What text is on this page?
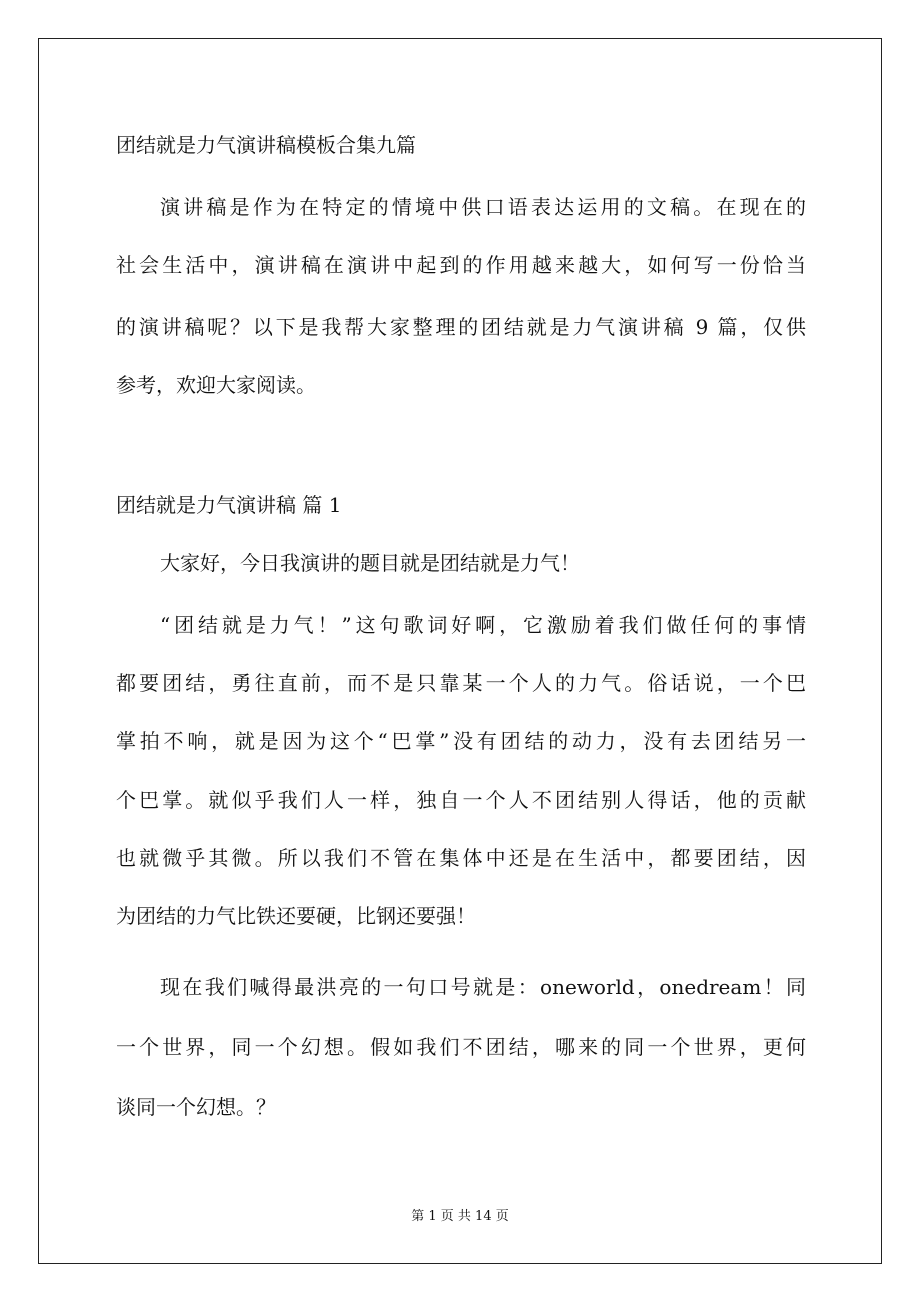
团结就是力气演讲稿模板合集九篇
演讲稿是作为在特定的情境中供口语表达运用的文稿。在现在的
社会生活中，演讲稿在演讲中起到的作用越来越大，如何写一份恰当
的演讲稿呢？以下是我帮大家整理的团结就是力气演讲稿 9 篇，仅供
参考，欢迎大家阅读。
团结就是力气演讲稿 篇 1
大家好，今日我演讲的题目就是团结就是力气！
“团结就是力气！”这句歌词好啊，它激励着我们做任何的事情
都要团结，勇往直前，而不是只靠某一个人的力气。俗话说，一个巴
掌拍不响，就是因为这个“巴掌”没有团结的动力，没有去团结另一
个巴掌。就似乎我们人一样，独自一个人不团结别人得话，他的贡献
也就微乎其微。所以我们不管在集体中还是在生活中，都要团结，因
为团结的力气比铁还要硬，比钢还要强！
现在我们喊得最洪亮的一句口号就是：oneworld，onedream！同
一个世界，同一个幻想。假如我们不团结，哪来的同一个世界，更何
谈同一个幻想。？
第 1 页 共 14 页
